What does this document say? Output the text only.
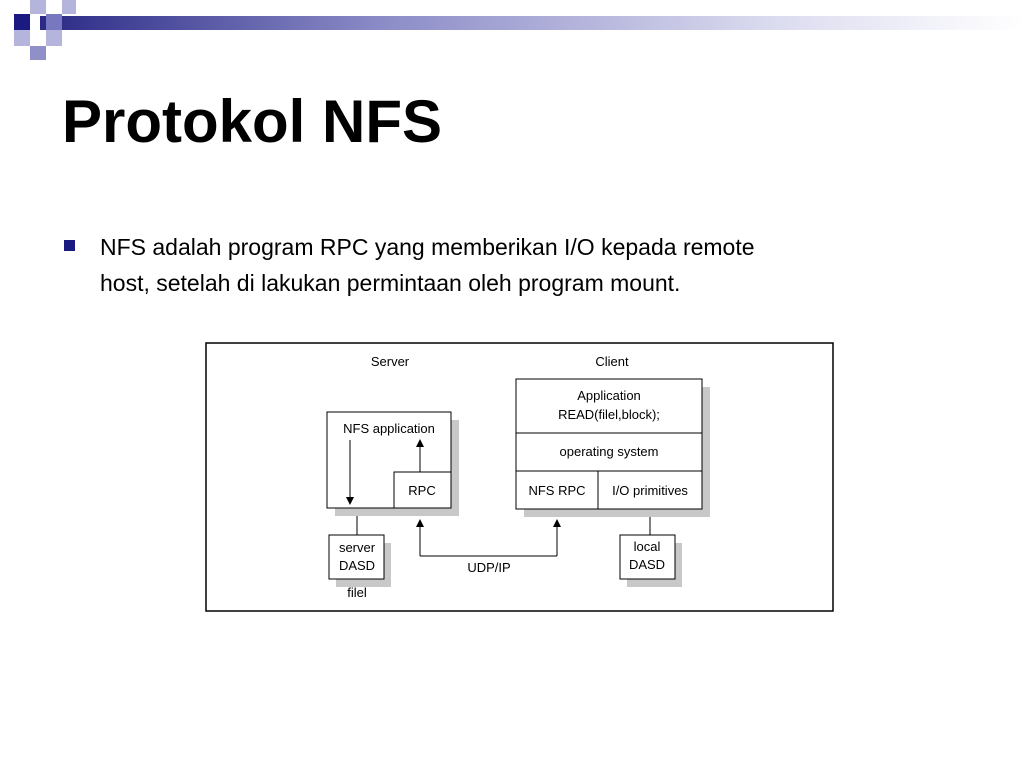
Protokol NFS

NFS adalah program RPC yang memberikan I/O kepada remote
host, setelah di lakukan permintaan oleh program mount.

Server	Client
NFS application
RPC
Application
READ(filel,block);
operating system
NFS RPC I/O primitives
server
DASD
filel
local
DASD
UDP/IP
